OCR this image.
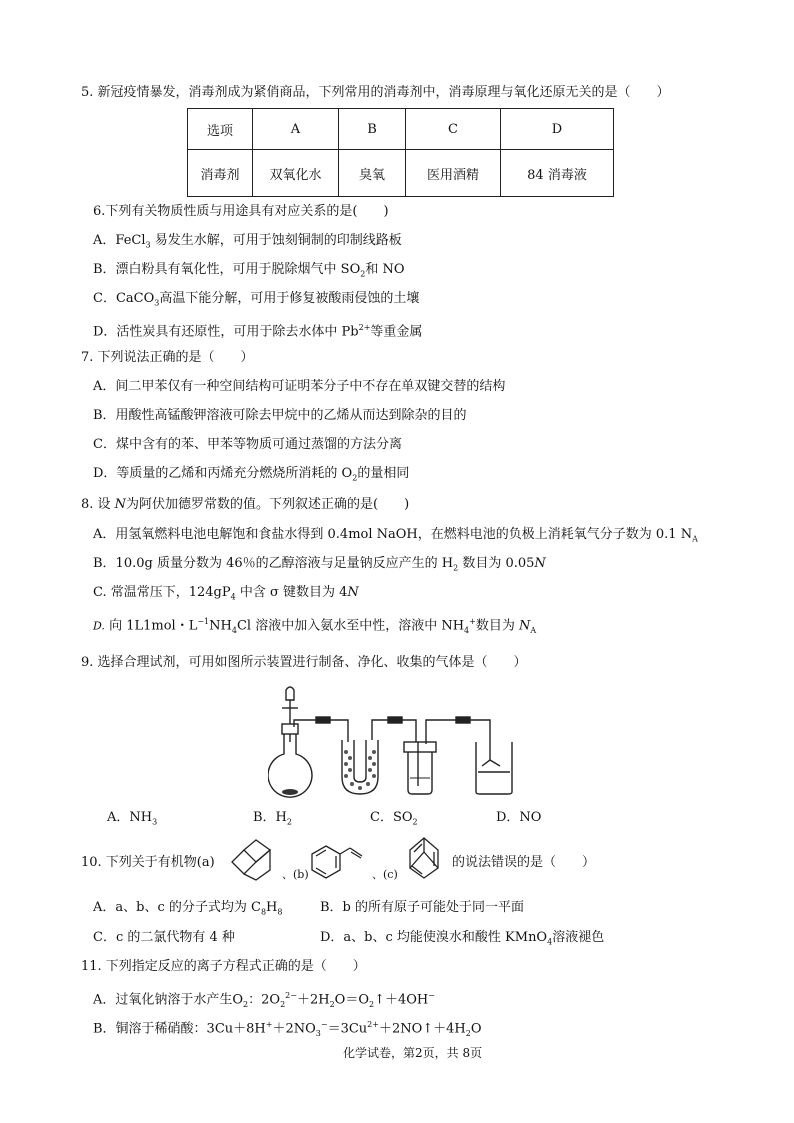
5. 新冠疫情暴发，消毒剂成为紧俏商品，下列常用的消毒剂中，消毒原理与氧化还原无关的是（　　）
选项	A	B	C	D
消毒剂	双氧化水	臭氧	医用酒精	84 消毒液
6.下列有关物质性质与用途具有对应关系的是(　　)
A．FeCl$_3$ 易发生水解，可用于蚀刻铜制的印制线路板
B．漂白粉具有氧化性，可用于脱除烟气中 $SO_2$和 NO
C．CaCO$_3$高温下能分解，可用于修复被酸雨侵蚀的土壤
D．活性炭具有还原性，可用于除去水体中 $Pb^{2+}$等重金属
7. 下列说法正确的是（　　）
A．间二甲苯仅有一种空间结构可证明苯分子中不存在单双键交替的结构
B．用酸性高锰酸钾溶液可除去甲烷中的乙烯从而达到除杂的目的
C．煤中含有的苯、甲苯等物质可通过蒸馏的方法分离
D．等质量的乙烯和丙烯充分燃烧所消耗的 $O_2$的量相同
8. 设 N为阿伏加德罗常数的值。下列叙述正确的是(　　)
A．用氢氧燃料电池电解饱和食盐水得到 0.4mol NaOH，在燃料电池的负极上消耗氧气分子数为 0.1 $N_A$
B．10.0g 质量分数为 46％的乙醇溶液与足量钠反应产生的 $H_2$ 数目为 0.05N
C. 常温常压下，$124gP_4$ 中含 σ 键数目为 4N
D. 向 1L1mol・$L^{-1}NH_4Cl$ 溶液中加入氨水至中性，溶液中 $NH_4^+$数目为 $N_A$
9. 选择合理试剂，可用如图所示装置进行制备、净化、收集的气体是（　　）
A．$NH_3$	B．$H_2$	C．$SO_2$	D．NO
10. 下列关于有机物(a)
、(b)	、(c)
的说法错误的是（　　）
A．a、b、c 的分子式均为 $C_8H_8$	B．b 的所有原子可能处于同一平面
C．c 的二氯代物有 4 种	D．a、b、c 均能使溴水和酸性 KMnO$_4$溶液褪色
11. 下列指定反应的离子方程式正确的是（　　）
A．过氧化钠溶于水产生$O_2$：$2O_2^{2-}+2H_2O=O_2↑+4OH^-$
B．铜溶于稀硝酸：$3Cu+8H^++2NO_3^-=3Cu^{2+}+2NO↑+4H_2O$
化学试卷，第2页，共 8页
